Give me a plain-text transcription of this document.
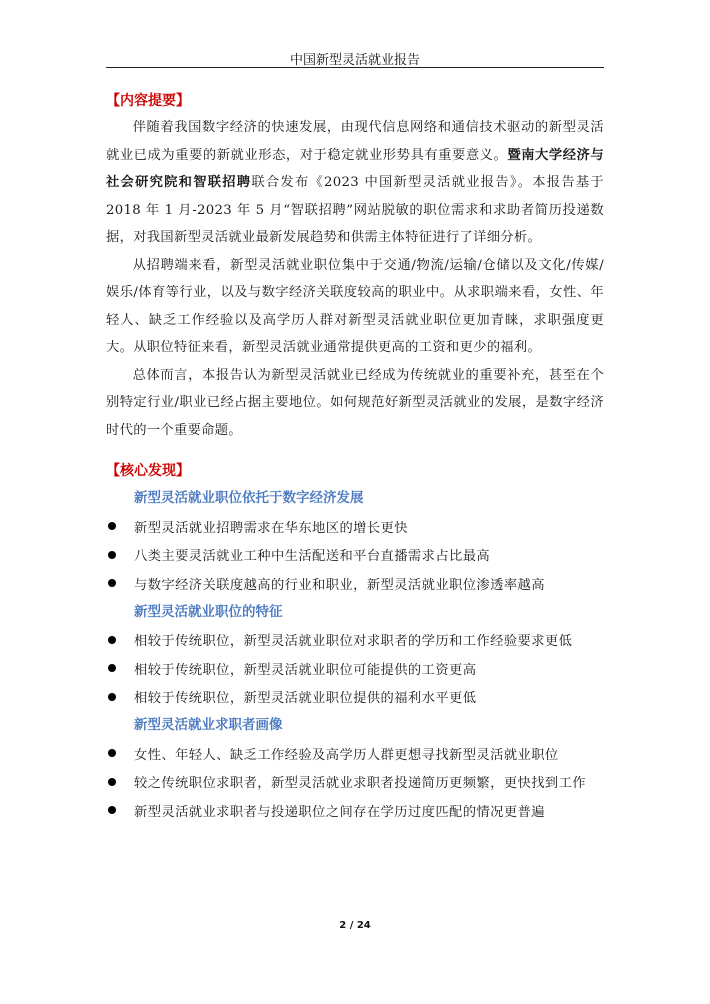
中国新型灵活就业报告
【内容提要】

伴随着我国数字经济的快速发展，由现代信息网络和通信技术驱动的新型灵活就业已成为重要的新就业形态，对于稳定就业形势具有重要意义。暨南大学经济与社会研究院和智联招聘联合发布《2023 中国新型灵活就业报告》。本报告基于 2018 年 1 月-2023 年 5 月“智联招聘”网站脱敏的职位需求和求助者简历投递数据，对我国新型灵活就业最新发展趋势和供需主体特征进行了详细分析。

从招聘端来看，新型灵活就业职位集中于交通/物流/运输/仓储以及文化/传媒/娱乐/体育等行业，以及与数字经济关联度较高的职业中。从求职端来看，女性、年轻人、缺乏工作经验以及高学历人群对新型灵活就业职位更加青睐，求职强度更大。从职位特征来看，新型灵活就业通常提供更高的工资和更少的福利。

总体而言，本报告认为新型灵活就业已经成为传统就业的重要补充，甚至在个别特定行业/职业已经占据主要地位。如何规范好新型灵活就业的发展，是数字经济时代的一个重要命题。

【核心发现】
新型灵活就业职位依托于数字经济发展
新型灵活就业招聘需求在华东地区的增长更快
八类主要灵活就业工种中生活配送和平台直播需求占比最高
与数字经济关联度越高的行业和职业，新型灵活就业职位渗透率越高
新型灵活就业职位的特征
相较于传统职位，新型灵活就业职位对求职者的学历和工作经验要求更低
相较于传统职位，新型灵活就业职位可能提供的工资更高
相较于传统职位，新型灵活就业职位提供的福利水平更低
新型灵活就业求职者画像
女性、年轻人、缺乏工作经验及高学历人群更想寻找新型灵活就业职位
较之传统职位求职者，新型灵活就业求职者投递简历更频繁，更快找到工作
新型灵活就业求职者与投递职位之间存在学历过度匹配的情况更普遍
2 / 24
